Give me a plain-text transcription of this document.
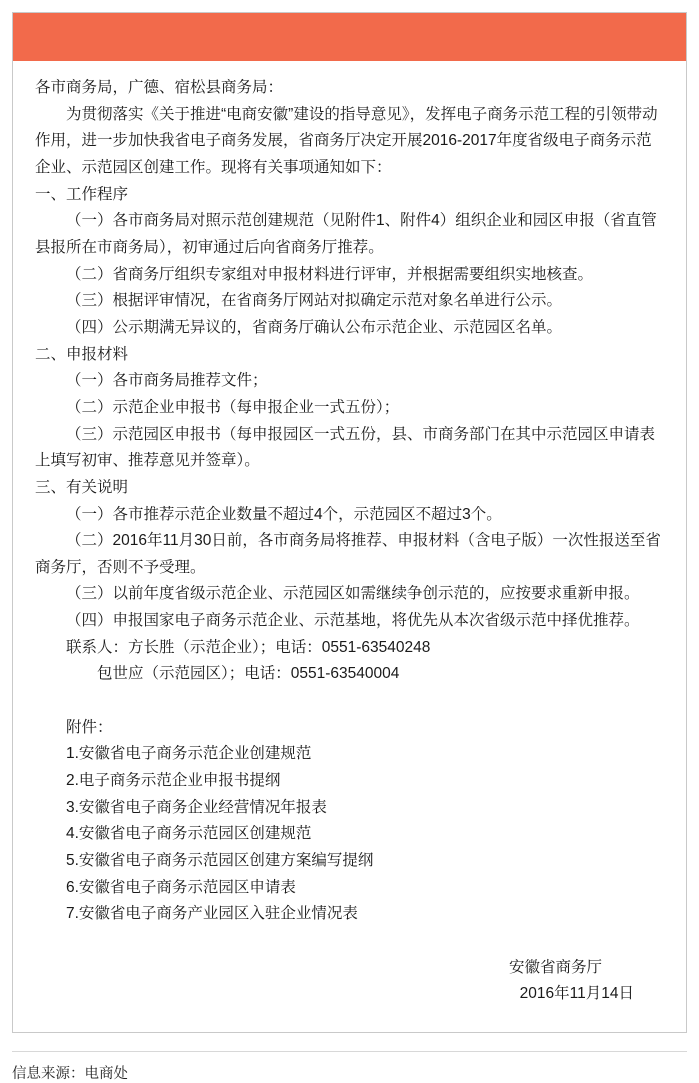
各市商务局，广德、宿松县商务局：

为贯彻落实《关于推进“电商安徽”建设的指导意见》，发挥电子商务示范工程的引领带动作用，进一步加快我省电子商务发展，省商务厅决定开展2016-2017年度省级电子商务示范企业、示范园区创建工作。现将有关事项通知如下：

一、工作程序

（一）各市商务局对照示范创建规范（见附件1、附件4）组织企业和园区申报（省直管县报所在市商务局），初审通过后向省商务厅推荐。

（二）省商务厅组织专家组对申报材料进行评审，并根据需要组织实地核查。

（三）根据评审情况，在省商务厅网站对拟确定示范对象名单进行公示。

（四）公示期满无异议的，省商务厅确认公布示范企业、示范园区名单。

二、申报材料

（一）各市商务局推荐文件；

（二）示范企业申报书（每申报企业一式五份）；

（三）示范园区申报书（每申报园区一式五份，县、市商务部门在其中示范园区申请表上填写初审、推荐意见并签章）。

三、有关说明

（一）各市推荐示范企业数量不超过4个，示范园区不超过3个。

（二）2016年11月30日前，各市商务局将推荐、申报材料（含电子版）一次性报送至省商务厅，否则不予受理。

（三）以前年度省级示范企业、示范园区如需继续争创示范的，应按要求重新申报。

（四）申报国家电子商务示范企业、示范基地，将优先从本次省级示范中择优推荐。

联系人：方长胜（示范企业）；电话：0551-63540248

包世应（示范园区）；电话：0551-63540004

附件：

1.安徽省电子商务示范企业创建规范

2.电子商务示范企业申报书提纲

3.安徽省电子商务企业经营情况年报表

4.安徽省电子商务示范园区创建规范

5.安徽省电子商务示范园区创建方案编写提纲

6.安徽省电子商务示范园区申请表

7.安徽省电子商务产业园区入驻企业情况表

安徽省商务厅

2016年11月14日

信息来源：电商处
